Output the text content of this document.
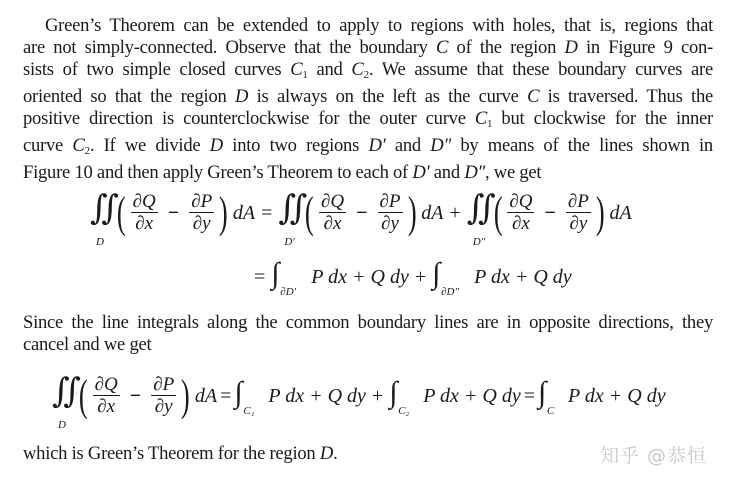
Green’s Theorem can be extended to apply to regions with holes, that is, regions that
are not simply-connected. Observe that the boundary C of the region D in Figure 9 con-
sists of two simple closed curves $C_1$ and $C_2$. We assume that these boundary curves are
oriented so that the region D is always on the left as the curve C is traversed. Thus the
positive direction is counterclockwise for the outer curve $C_1$ but clockwise for the inner
curve $C_2$. If we divide D into two regions D′ and D″ by means of the lines shown in
Figure 10 and then apply Green’s Theorem to each of D′ and D″, we get
∬
D
( $\frac{\partial Q}{\partial x} - \frac{\partial P}{\partial y}$ ) dA = ∬
D′
( $\frac{\partial Q}{\partial x} - \frac{\partial P}{\partial y}$ ) dA + ∬
D″
( $\frac{\partial Q}{\partial x} - \frac{\partial P}{\partial y}$ ) dA
= ∫
∂D′
P dx + Q dy + ∫
∂D″
P dx + Q dy
Since the line integrals along the common boundary lines are in opposite directions, they
cancel and we get
∬
D
( $\frac{\partial Q}{\partial x} - \frac{\partial P}{\partial y}$ ) dA = ∫
C₁
P dx + Q dy + ∫
C₂
P dx + Q dy = ∫
C
P dx + Q dy
which is Green’s Theorem for the region D.	知乎 @恭恒
